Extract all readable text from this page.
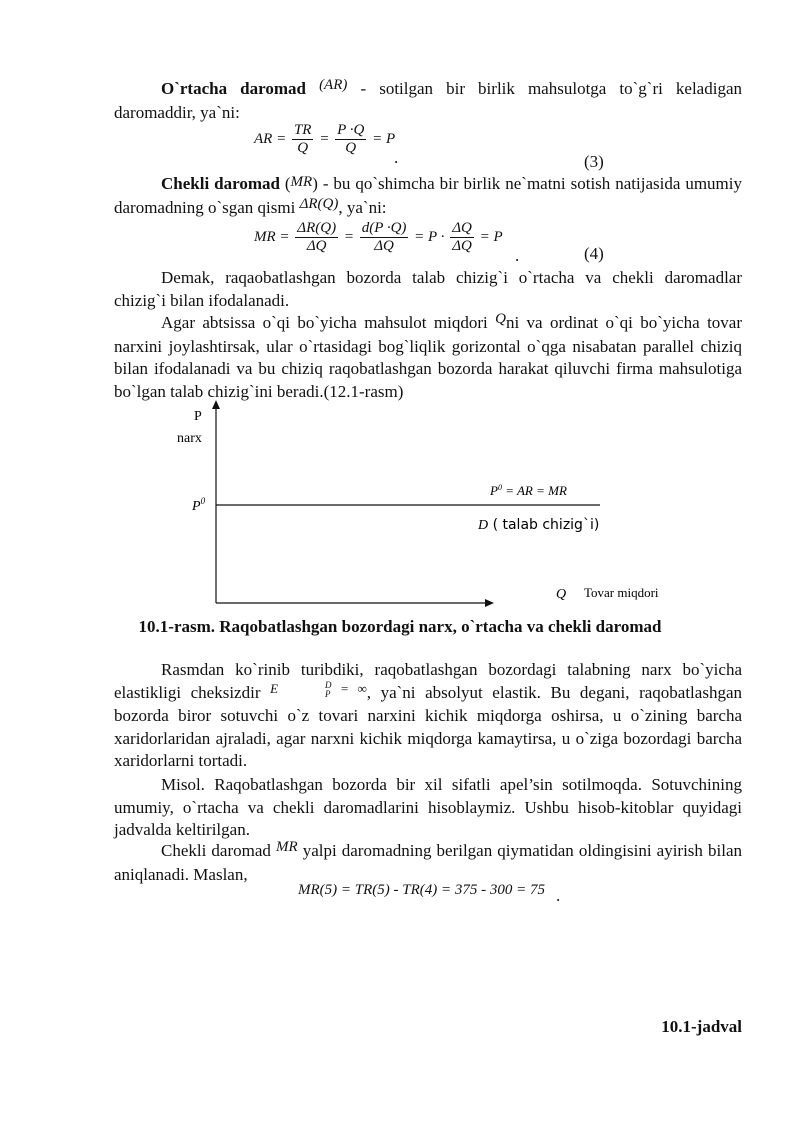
O`rtacha daromad (AR) - sotilgan bir birlik mahsulotga to`g`ri keladigan daromaddir, ya`ni:

AR = $\frac{TR}{Q} = \frac{P \cdot Q}{Q} = P$
.	(3)

Chekli daromad (MR) - bu qo`shimcha bir birlik ne`matni sotish natijasida umumiy daromadning o`sgan qismi ΔR(Q), ya`ni:

MR = $\frac{\Delta R(Q)}{\Delta Q} = \frac{d(P \cdot Q)}{\Delta Q} = P \cdot \frac{\Delta Q}{\Delta Q} = P$
.	(4)

Demak, raqaobatlashgan bozorda talab chizig`i o`rtacha va chekli daromadlar chizig`i bilan ifodalanadi.

Agar abtsissa o`qi bo`yicha mahsulot miqdori Qni va ordinat o`qi bo`yicha tovar narxini joylashtirsak, ular o`rtasidagi bog`liqlik gorizontal o`qga nisabatan parallel chiziq bilan ifodalanadi va bu chiziq raqobatlashgan bozorda harakat qiluvchi firma mahsulotiga bo`lgan talab chizig`ini beradi.(12.1-rasm)

P
narx
$P^0$
$P^0$ = AR = MR
D ( talab chizig`i)
Q Tovar miqdori
10.1-rasm. Raqobatlashgan bozordagi narx, o`rtacha va chekli daromad

Rasmdan ko`rinib turibdiki, raqobatlashgan bozordagi talabning narx bo`yicha elastikligi cheksizdir $^{E D P = \infty}$, ya`ni absolyut elastik. Bu degani, raqobatlashgan bozorda biror sotuvchi o`z tovari narxini kichik miqdorga oshirsa, u o`zining barcha xaridorlaridan ajraladi, agar narxni kichik miqdorga kamaytirsa, u o`ziga bozordagi barcha xaridorlarni tortadi.

Misol. Raqobatlashgan bozorda bir xil sifatli apel’sin sotilmoqda. Sotuvchining umumiy, o`rtacha va chekli daromadlarini hisoblaymiz. Ushbu hisob-kitoblar quyidagi jadvalda keltirilgan.

Chekli daromad MR yalpi daromadning berilgan qiymatidan oldingisini ayirish bilan aniqlanadi. Maslan,

MR(5) = TR(5) - TR(4) = 375 - 300 = 75 .
10.1-jadval
